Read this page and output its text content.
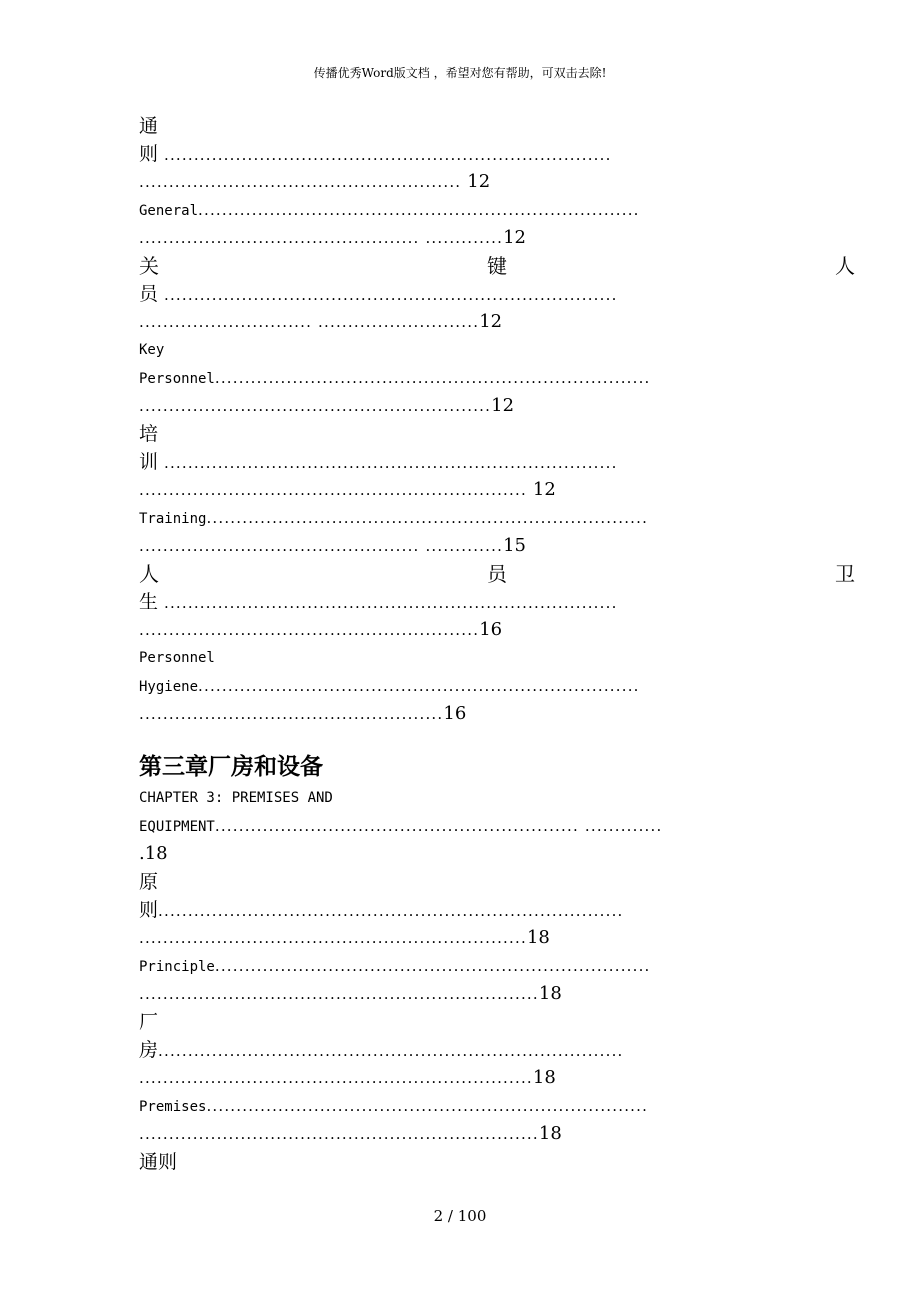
传播优秀Word版文档 ，希望对您有帮助，可双击去除!
通
则 ...........................................................................
...................................................... 12
General..........................................................................
............................................... .............12
关	键	人
员 ............................................................................
............................. ...........................12
Key
Personnel.........................................................................
...........................................................12
培
训 ............................................................................
................................................................. 12
Training..........................................................................
............................................... .............15
人	员	卫
生 ............................................................................
.........................................................16
Personnel
Hygiene..........................................................................
...................................................16
第三章厂房和设备
CHAPTER 3: PREMISES AND
EQUIPMENT............................................................. .............
.18
原
则..............................................................................
.................................................................18
Principle.........................................................................
...................................................................18
厂
房..............................................................................
..................................................................18
Premises..........................................................................
...................................................................18
通则
2 / 100
